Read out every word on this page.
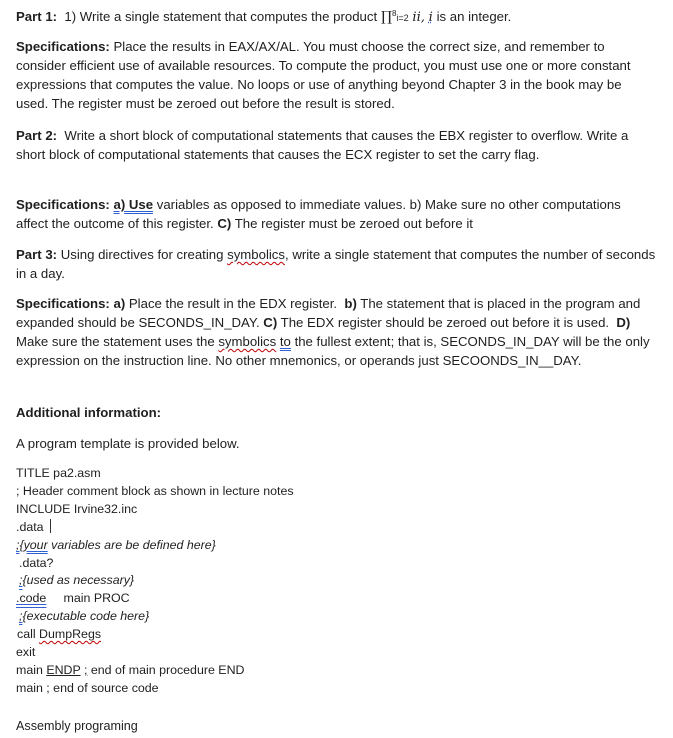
Part 1: 1) Write a single statement that computes the product ∏$^8$i=2 ii, i is an integer.

Specifications: Place the results in EAX/AX/AL. You must choose the correct size, and remember to consider efficient use of available resources. To compute the product, you must use one or more constant expressions that computes the value. No loops or use of anything beyond Chapter 3 in the book may be used. The register must be zeroed out before the result is stored.

Part 2: Write a short block of computational statements that causes the EBX register to overflow. Write a short block of computational statements that causes the ECX register to set the carry flag.

Specifications: a) Use variables as opposed to immediate values. b) Make sure no other computations affect the outcome of this register. C) The register must be zeroed out before it

Part 3: Using directives for creating symbolics, write a single statement that computes the number of seconds in a day.

Specifications: a) Place the result in the EDX register. b) The statement that is placed in the program and expanded should be SECONDS_IN_DAY. C) The EDX register should be zeroed out before it is used. D) Make sure the statement uses the symbolics to the fullest extent; that is, SECONDS_IN_DAY will be the only expression on the instruction line. No other mnemonics, or operands just SECOONDS_IN__DAY.

Additional information:

A program template is provided below.

TITLE pa2.asm
; Header comment block as shown in lecture notes
INCLUDE Irvine32.inc
.data
;{your variables are be defined here}
.data?
;{used as necessary}
.code main PROC
;{executable code here}
call DumpRegs
exit
main ENDP ; end of main procedure END
main ; end of source code

Assembly programing
